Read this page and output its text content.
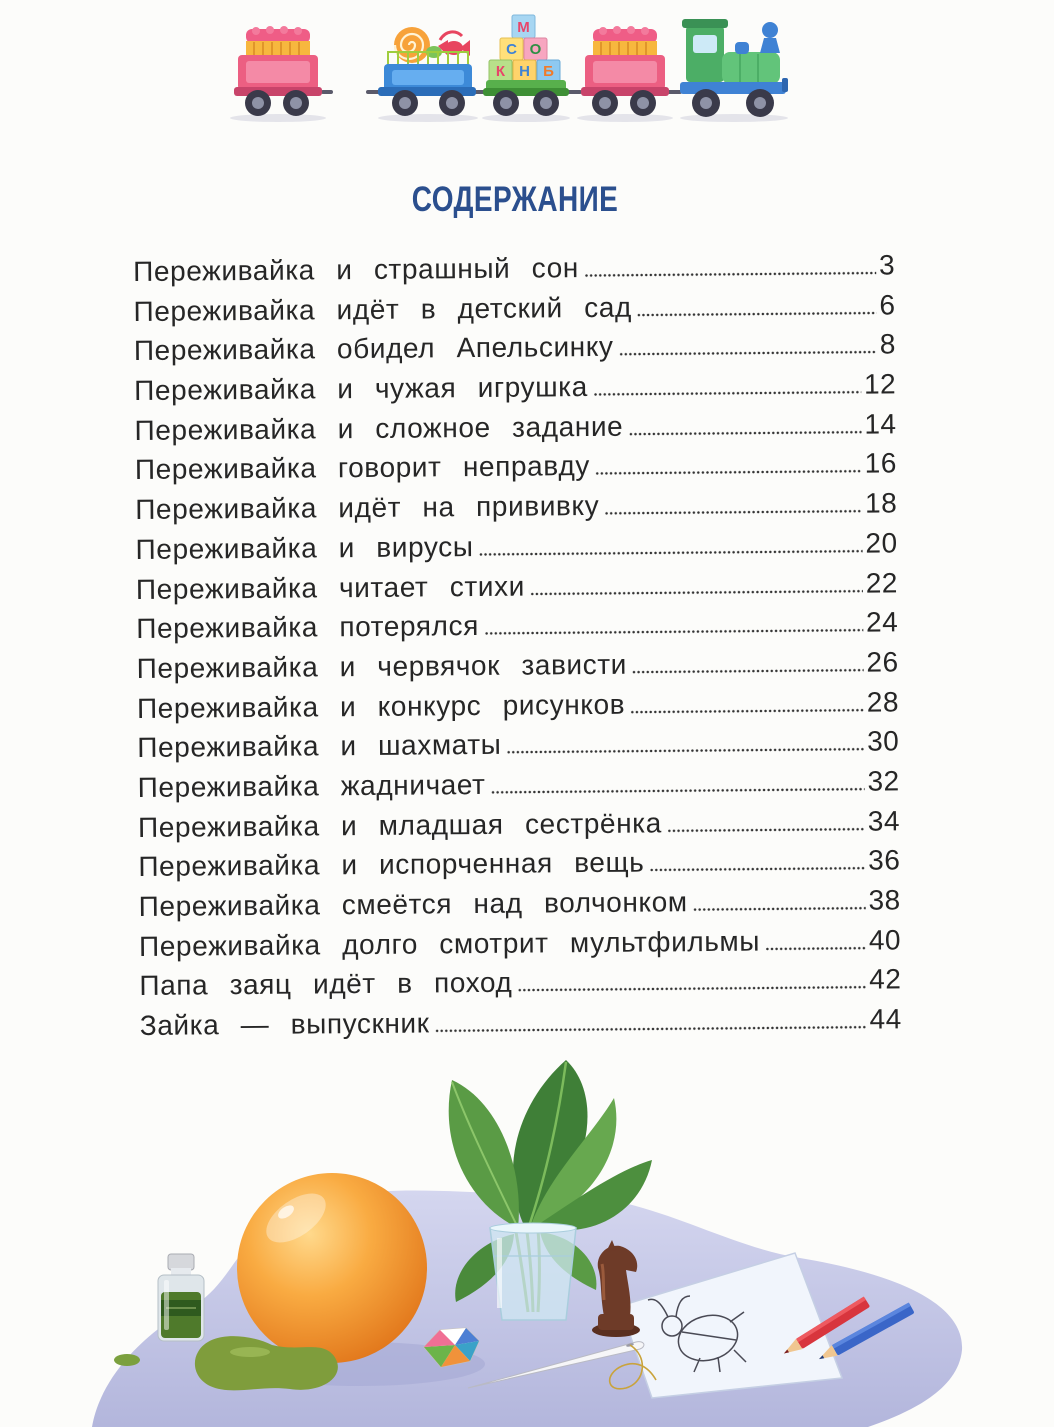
М
С О
К Н Б
СОДЕРЖАНИЕ
Переживайка и страшный сон	3
Переживайка идёт в детский сад	6
Переживайка обидел Апельсинку	8
Переживайка и чужая игрушка	12
Переживайка и сложное задание	14
Переживайка говорит неправду	16
Переживайка идёт на прививку	18
Переживайка и вирусы	20
Переживайка читает стихи	22
Переживайка потерялся	24
Переживайка и червячок зависти	26
Переживайка и конкурс рисунков	28
Переживайка и шахматы	30
Переживайка жадничает	32
Переживайка и младшая сестрёнка	34
Переживайка и испорченная вещь	36
Переживайка смеётся над волчонком	38
Переживайка долго смотрит мультфильмы	40
Папа заяц идёт в поход	42
Зайка — выпускник	44
